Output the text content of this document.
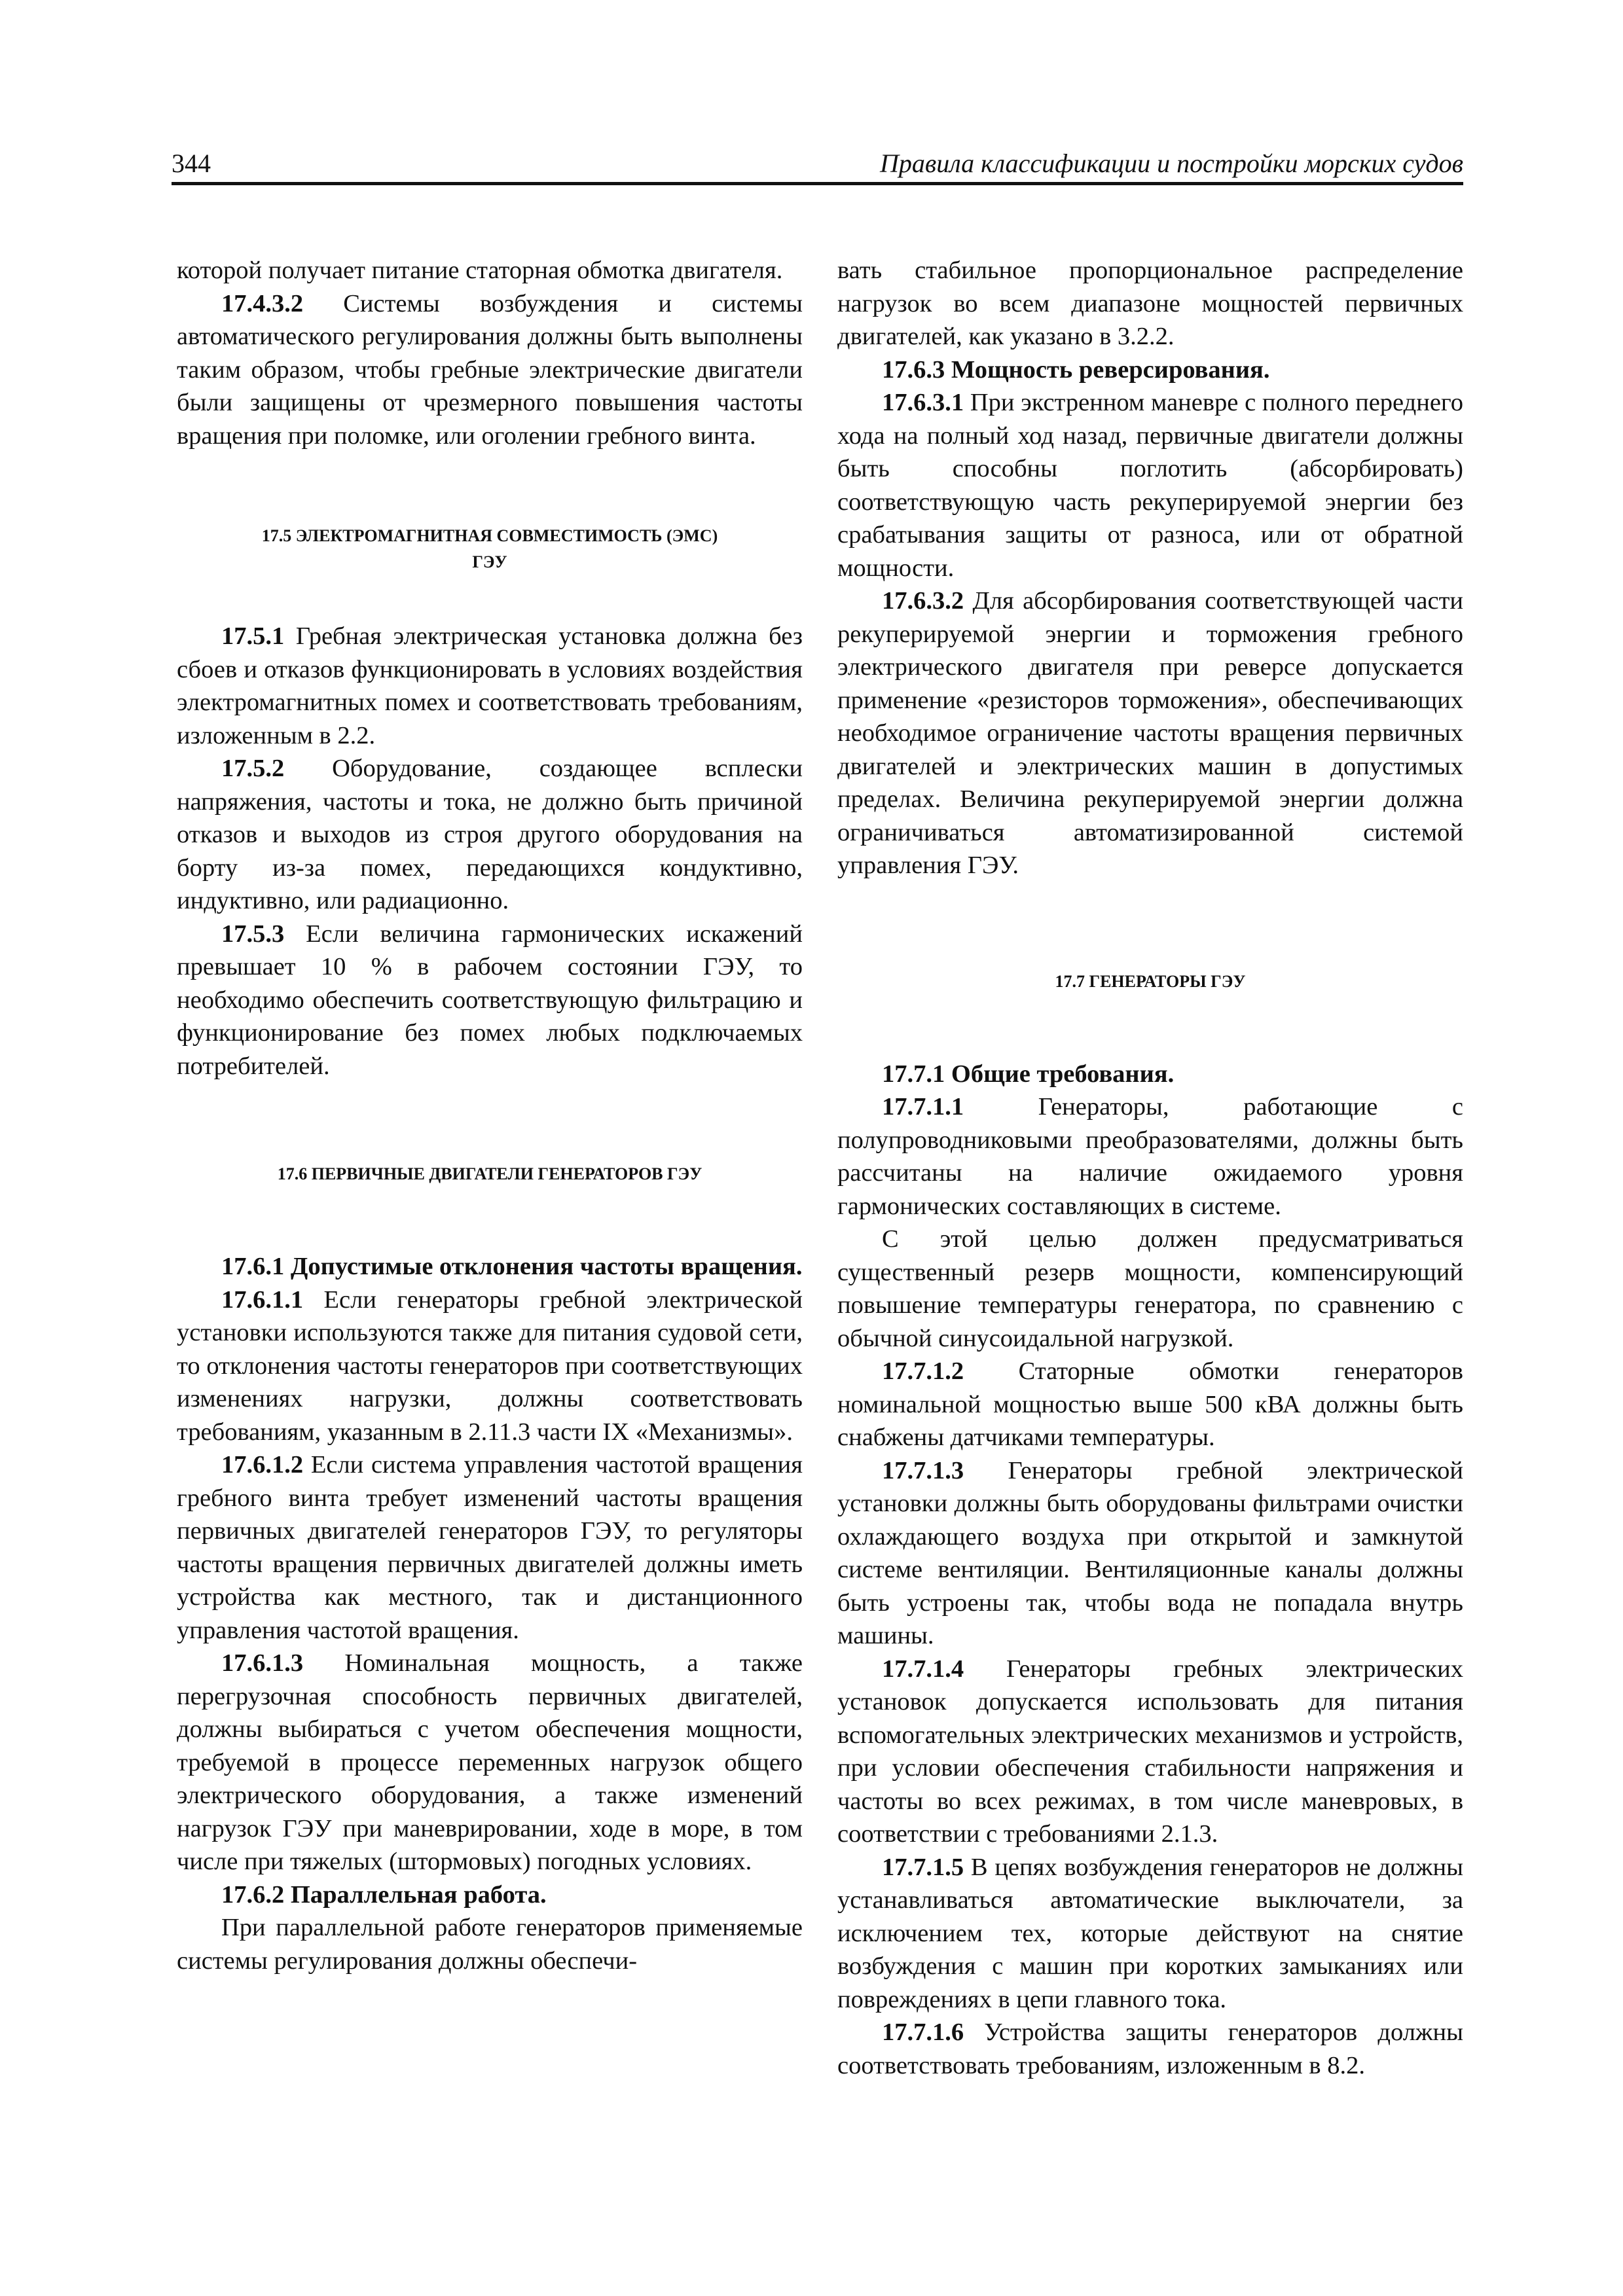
344	Правила классификации и постройки морских судов

которой получает питание статорная обмотка двигателя.

17.4.3.2 Системы возбуждения и системы автоматического регулирования должны быть выполнены таким образом, чтобы гребные электрические двигатели были защищены от чрезмерного повышения частоты вращения при поломке, или оголении гребного винта.

17.5 ЭЛЕКТРОМАГНИТНАЯ СОВМЕСТИМОСТЬ (ЭМС)
ГЭУ

17.5.1 Гребная электрическая установка должна без сбоев и отказов функционировать в условиях воздействия электромагнитных помех и соответствовать требованиям, изложенным в 2.2.

17.5.2 Оборудование, создающее всплески напряжения, частоты и тока, не должно быть причиной отказов и выходов из строя другого оборудования на борту из-за помех, передающихся кондуктивно, индуктивно, или радиационно.

17.5.3 Если величина гармонических искажений превышает 10 % в рабочем состоянии ГЭУ, то необходимо обеспечить соответствующую фильтрацию и функционирование без помех любых подключаемых потребителей.

17.6 ПЕРВИЧНЫЕ ДВИГАТЕЛИ ГЕНЕРАТОРОВ ГЭУ

17.6.1 Допустимые отклонения частоты вращения.

17.6.1.1 Если генераторы гребной электрической установки используются также для питания судовой сети, то отклонения частоты генераторов при соответствующих изменениях нагрузки, должны соответствовать требованиям, указанным в 2.11.3 части IX «Механизмы».

17.6.1.2 Если система управления частотой вращения гребного винта требует изменений частоты вращения первичных двигателей генераторов ГЭУ, то регуляторы частоты вращения первичных двигателей должны иметь устройства как местного, так и дистанционного управления частотой вращения.

17.6.1.3 Номинальная мощность, а также перегрузочная способность первичных двигателей, должны выбираться с учетом обеспечения мощности, требуемой в процессе переменных нагрузок общего электрического оборудования, а также изменений нагрузок ГЭУ при маневрировании, ходе в море, в том числе при тяжелых (штормовых) погодных условиях.

17.6.2 Параллельная работа.

При параллельной работе генераторов применяемые системы регулирования должны обеспечи-

вать стабильное пропорциональное распределение нагрузок во всем диапазоне мощностей первичных двигателей, как указано в 3.2.2.

17.6.3 Мощность реверсирования.

17.6.3.1 При экстренном маневре с полного переднего хода на полный ход назад, первичные двигатели должны быть способны поглотить (абсорбировать) соответствующую часть рекуперируемой энергии без срабатывания защиты от разноса, или от обратной мощности.

17.6.3.2 Для абсорбирования соответствующей части рекуперируемой энергии и торможения гребного электрического двигателя при реверсе допускается применение «резисторов торможения», обеспечивающих необходимое ограничение частоты вращения первичных двигателей и электрических машин в допустимых пределах. Величина рекуперируемой энергии должна ограничиваться автоматизированной системой управления ГЭУ.

17.7 ГЕНЕРАТОРЫ ГЭУ

17.7.1 Общие требования.

17.7.1.1 Генераторы, работающие с полупроводниковыми преобразователями, должны быть рассчитаны на наличие ожидаемого уровня гармонических составляющих в системе.

С этой целью должен предусматриваться существенный резерв мощности, компенсирующий повышение температуры генератора, по сравнению с обычной синусоидальной нагрузкой.

17.7.1.2 Статорные обмотки генераторов номинальной мощностью выше 500 кВА должны быть снабжены датчиками температуры.

17.7.1.3 Генераторы гребной электрической установки должны быть оборудованы фильтрами очистки охлаждающего воздуха при открытой и замкнутой системе вентиляции. Вентиляционные каналы должны быть устроены так, чтобы вода не попадала внутрь машины.

17.7.1.4 Генераторы гребных электрических установок допускается использовать для питания вспомогательных электрических механизмов и устройств, при условии обеспечения стабильности напряжения и частоты во всех режимах, в том числе маневровых, в соответствии с требованиями 2.1.3.

17.7.1.5 В цепях возбуждения генераторов не должны устанавливаться автоматические выключатели, за исключением тех, которые действуют на снятие возбуждения с машин при коротких замыканиях или повреждениях в цепи главного тока.

17.7.1.6 Устройства защиты генераторов должны соответствовать требованиям, изложенным в 8.2.
